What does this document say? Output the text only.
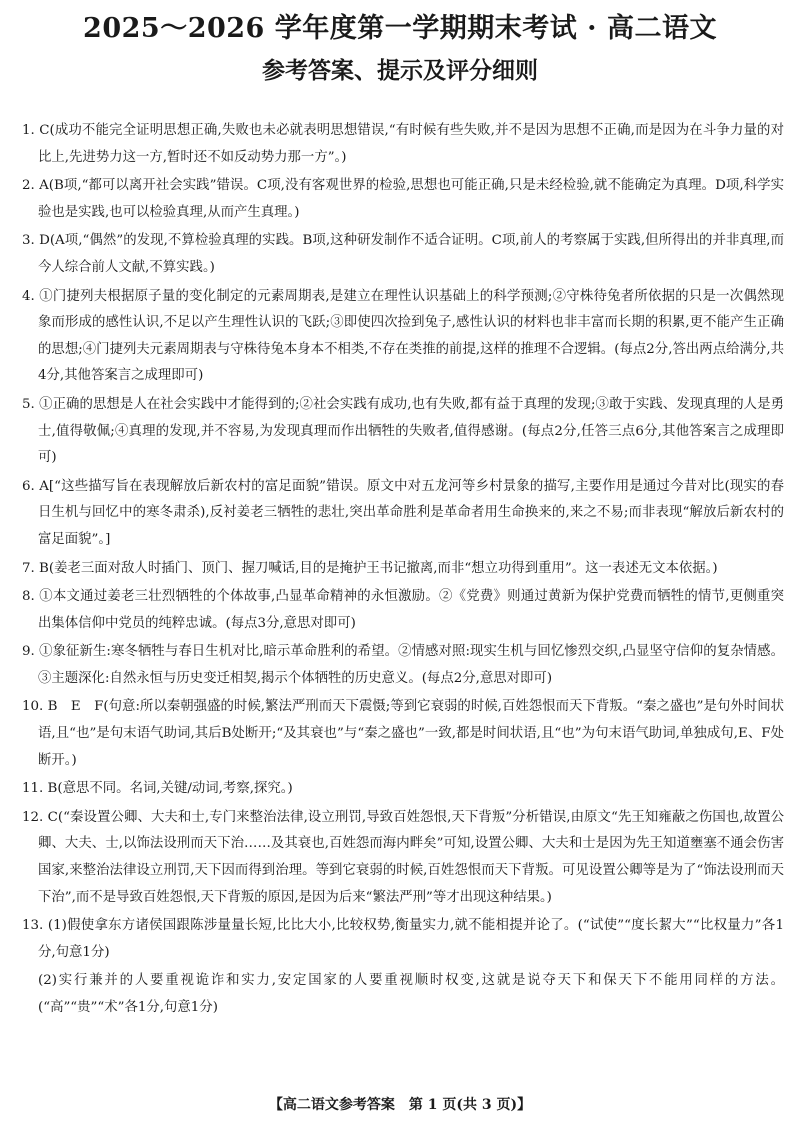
2025～2026 学年度第一学期期末考试 · 高二语文
参考答案、提示及评分细则

1. C(成功不能完全证明思想正确,失败也未必就表明思想错误,“有时候有些失败,并不是因为思想不正确,而是因为在斗争力量的对比上,先进势力这一方,暂时还不如反动势力那一方”。)

2. A(B项,“都可以离开社会实践”错误。C项,没有客观世界的检验,思想也可能正确,只是未经检验,就不能确定为真理。D项,科学实验也是实践,也可以检验真理,从而产生真理。)

3. D(A项,“偶然”的发现,不算检验真理的实践。B项,这种研发制作不适合证明。C项,前人的考察属于实践,但所得出的并非真理,而今人综合前人文献,不算实践。)

4. ①门捷列夫根据原子量的变化制定的元素周期表,是建立在理性认识基础上的科学预测;②守株待兔者所依据的只是一次偶然现象而形成的感性认识,不足以产生理性认识的飞跃;③即使四次捡到兔子,感性认识的材料也非丰富而长期的积累,更不能产生正确的思想;④门捷列夫元素周期表与守株待兔本身本不相类,不存在类推的前提,这样的推理不合逻辑。(每点2分,答出两点给满分,共4分,其他答案言之成理即可)

5. ①正确的思想是人在社会实践中才能得到的;②社会实践有成功,也有失败,都有益于真理的发现;③敢于实践、发现真理的人是勇士,值得敬佩;④真理的发现,并不容易,为发现真理而作出牺牲的失败者,值得感谢。(每点2分,任答三点6分,其他答案言之成理即可)

6. A[“这些描写旨在表现解放后新农村的富足面貌”错误。原文中对五龙河等乡村景象的描写,主要作用是通过今昔对比(现实的春日生机与回忆中的寒冬肃杀),反衬姜老三牺牲的悲壮,突出革命胜利是革命者用生命换来的,来之不易;而非表现“解放后新农村的富足面貌”。]

7. B(姜老三面对敌人时插门、顶门、握刀喊话,目的是掩护王书记撤离,而非“想立功得到重用”。这一表述无文本依据。)

8. ①本文通过姜老三壮烈牺牲的个体故事,凸显革命精神的永恒激励。②《党费》则通过黄新为保护党费而牺牲的情节,更侧重突出集体信仰中党员的纯粹忠诚。(每点3分,意思对即可)

9. ①象征新生:寒冬牺牲与春日生机对比,暗示革命胜利的希望。②情感对照:现实生机与回忆惨烈交织,凸显坚守信仰的复杂情感。③主题深化:自然永恒与历史变迁相契,揭示个体牺牲的历史意义。(每点2分,意思对即可)

10. B　E　F(句意:所以秦朝强盛的时候,繁法严刑而天下震慑;等到它衰弱的时候,百姓怨恨而天下背叛。“秦之盛也”是句外时间状语,且“也”是句末语气助词,其后B处断开;“及其衰也”与“秦之盛也”一致,都是时间状语,且“也”为句末语气助词,单独成句,E、F处断开。)

11. B(意思不同。名词,关键/动词,考察,探究。)

12. C(“秦设置公卿、大夫和士,专门来整治法律,设立刑罚,导致百姓怨恨,天下背叛”分析错误,由原文“先王知雍蔽之伤国也,故置公卿、大夫、士,以饰法设刑而天下治……及其衰也,百姓怨而海内畔矣”可知,设置公卿、大夫和士是因为先王知道壅塞不通会伤害国家,来整治法律设立刑罚,天下因而得到治理。等到它衰弱的时候,百姓怨恨而天下背叛。可见设置公卿等是为了“饰法设刑而天下治”,而不是导致百姓怨恨,天下背叛的原因,是因为后来“繁法严刑”等才出现这种结果。)

13. (1)假使拿东方诸侯国跟陈涉量量长短,比比大小,比较权势,衡量实力,就不能相提并论了。(“试使”“度长絜大”“比权量力”各1分,句意1分)

(2)实行兼并的人要重视诡诈和实力,安定国家的人要重视顺时权变,这就是说夺天下和保天下不能用同样的方法。(“高”“贵”“术”各1分,句意1分)

【高二语文参考答案　第 1 页(共 3 页)】
